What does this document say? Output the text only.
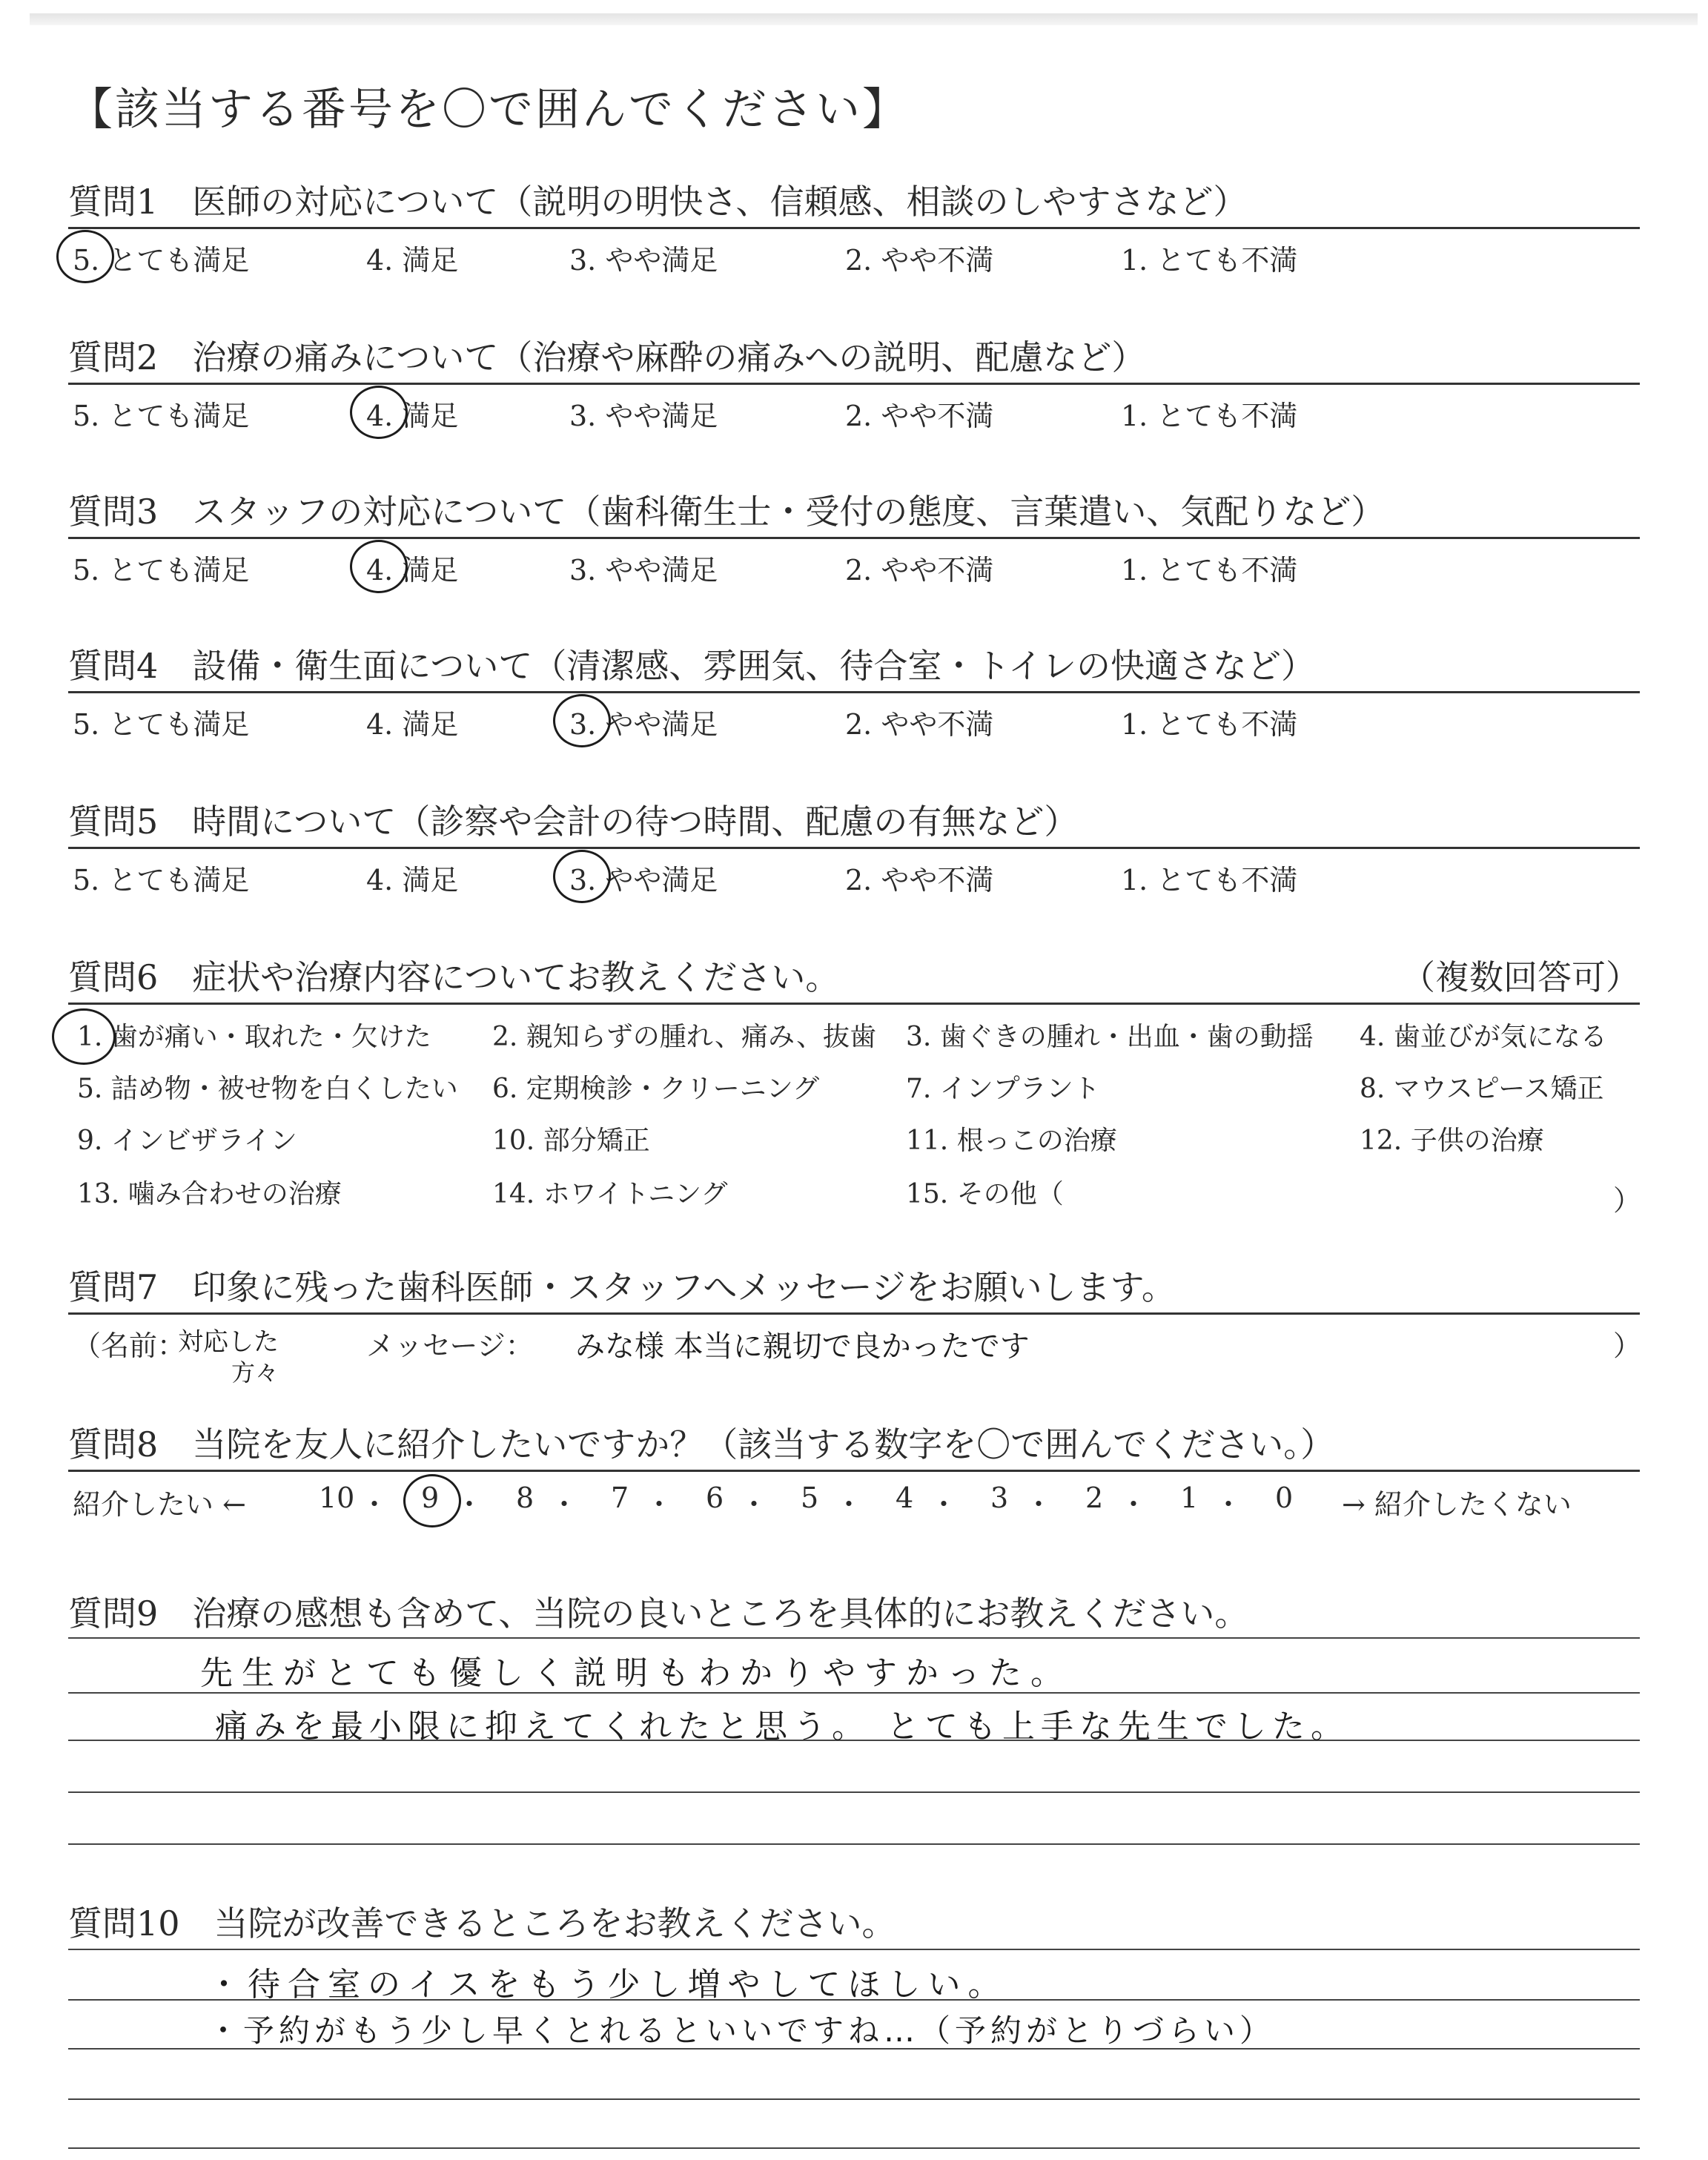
【該当する番号を〇で囲んでください】
質問1　医師の対応について（説明の明快さ、信頼感、相談のしやすさなど）
5. とても満足	4. 満足	3. やや満足	2. やや不満	1. とても不満
質問2　治療の痛みについて（治療や麻酔の痛みへの説明、配慮など）
5. とても満足	4. 満足	3. やや満足	2. やや不満	1. とても不満
質問3　スタッフの対応について（歯科衛生士・受付の態度、言葉遣い、気配りなど）
5. とても満足	4. 満足	3. やや満足	2. やや不満	1. とても不満
質問4　設備・衛生面について（清潔感、雰囲気、待合室・トイレの快適さなど）
5. とても満足	4. 満足	3. やや満足	2. やや不満	1. とても不満
質問5　時間について（診察や会計の待つ時間、配慮の有無など）
5. とても満足	4. 満足	3. やや満足	2. やや不満	1. とても不満
質問6　症状や治療内容についてお教えください。	（複数回答可）
1. 歯が痛い・取れた・欠けた 2. 親知らずの腫れ、痛み、抜歯 3. 歯ぐきの腫れ・出血・歯の動揺 4. 歯並びが気になる
5. 詰め物・被せ物を白くしたい 6. 定期検診・クリーニング	7. インプラント	8. マウスピース矯正
9. インビザライン	10. 部分矯正	11. 根っこの治療	12. 子供の治療
13. 噛み合わせの治療	14. ホワイトニング	15. その他（	）
質問7　印象に残った歯科医師・スタッフへメッセージをお願いします。
（名前：
対応した
方々
メッセージ： みな様 本当に親切で良かったです	）
質問8　当院を友人に紹介したいですか？（該当する数字を〇で囲んでください。）
紹介したい ←	10 ・ 9 ・ 8 ・ 7 ・ 6 ・ 5 ・ 4 ・ 3 ・ 2 ・ 1 ・ 0 → 紹介したくない
質問9　治療の感想も含めて、当院の良いところを具体的にお教えください。
先生がとても優しく説明もわかりやすかった。
痛みを最小限に抑えてくれたと思う。 とても上手な先生でした。
質問10　当院が改善できるところをお教えください。
・待合室のイスをもう少し増やしてほしい。
・予約がもう少し早くとれるといいですね…（予約がとりづらい）
